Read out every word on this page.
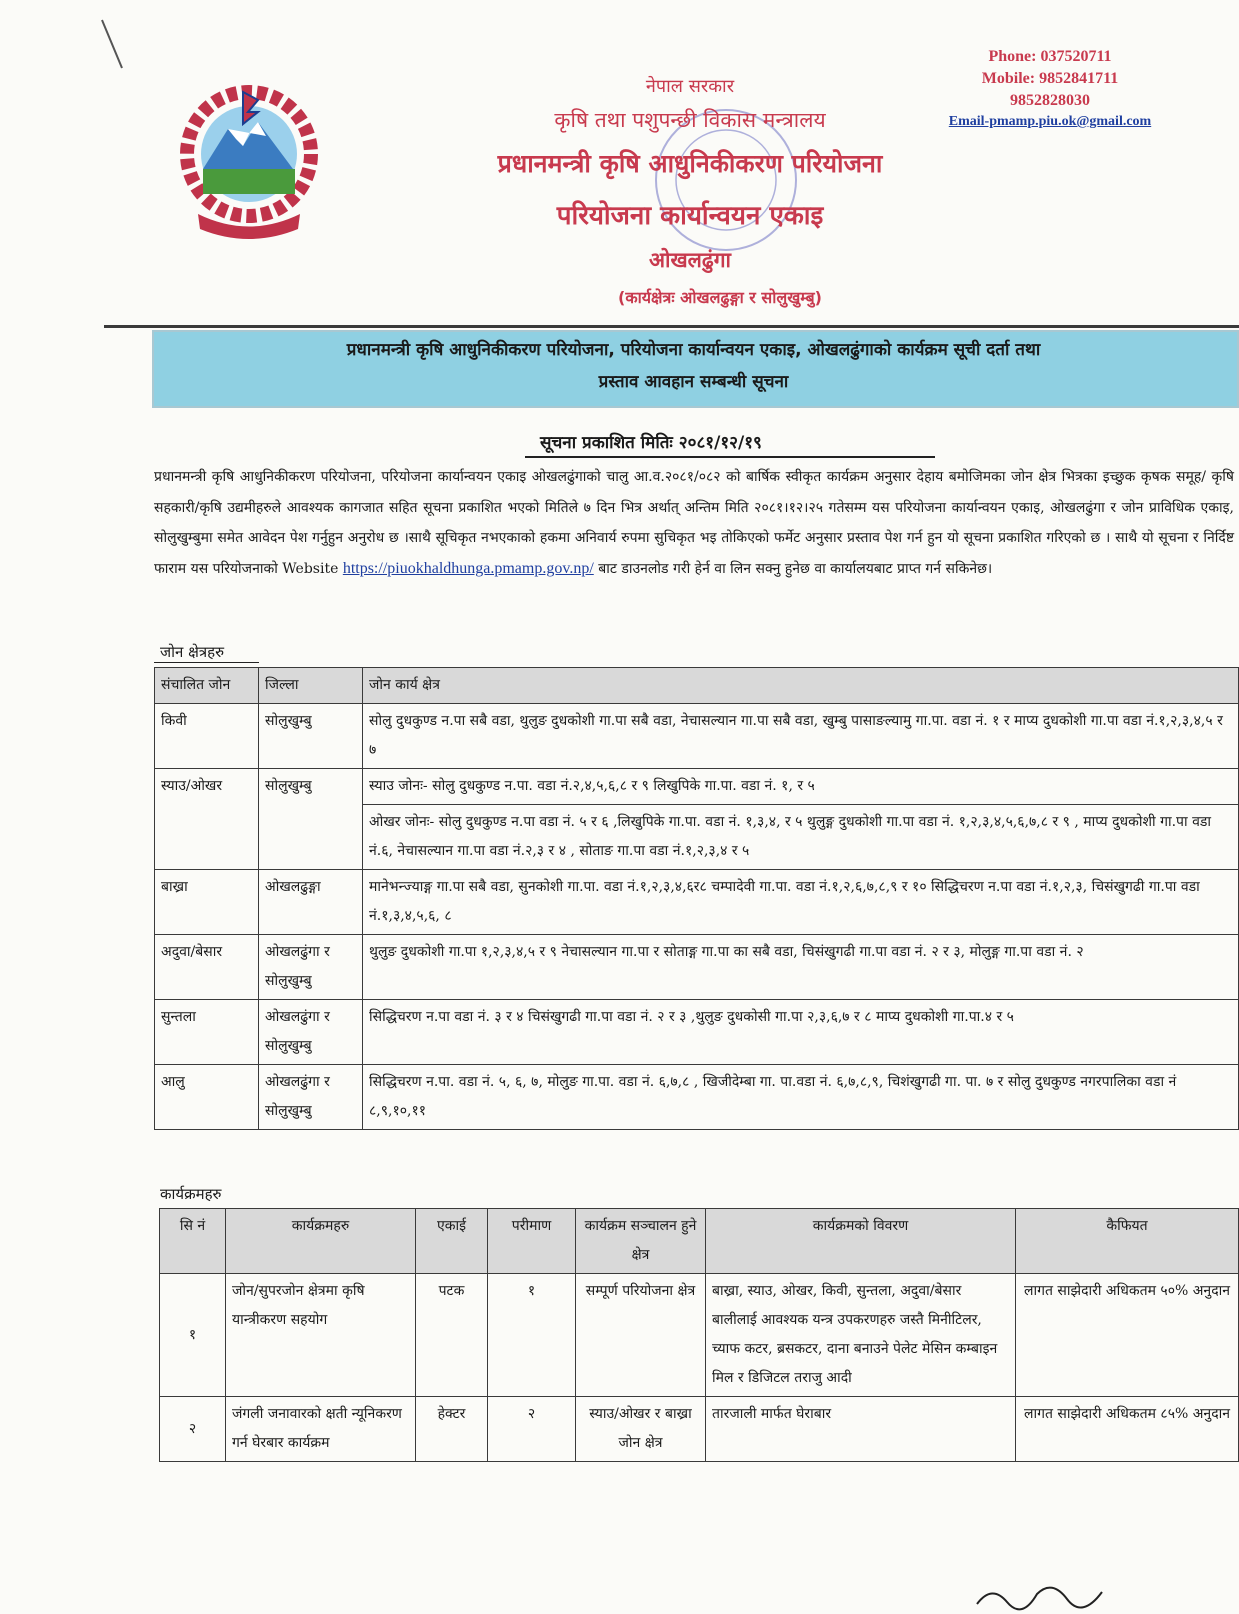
नेपाल सरकार
कृषि तथा पशुपन्छी विकास मन्त्रालय
प्रधानमन्त्री कृषि आधुनिकीकरण परियोजना
परियोजना कार्यान्वयन एकाइ
ओखलढुंगा
(कार्यक्षेत्रः ओखलढुङ्गा र सोलुखुम्बु)
Phone: 037520711
Mobile: 9852841711
9852828030
Email-pmamp.piu.ok@gmail.com
प्रधानमन्त्री कृषि आधुनिकीकरण परियोजना, परियोजना कार्यान्वयन एकाइ, ओखलढुंगाको कार्यक्रम सूची दर्ता तथा
प्रस्ताव आवहान सम्बन्धी सूचना
सूचना प्रकाशित मितिः २०८१/१२/१९
प्रधानमन्त्री कृषि आधुनिकीकरण परियोजना, परियोजना कार्यान्वयन एकाइ ओखलढुंगाको चालु आ.व.२०८१/०८२ को बार्षिक स्वीकृत कार्यक्रम अनुसार देहाय बमोजिमका जोन क्षेत्र भित्रका इच्छुक कृषक समूह/ कृषि सहकारी/कृषि उद्यमीहरुले आवश्यक कागजात सहित सूचना प्रकाशित भएको मितिले ७ दिन भित्र अर्थात् अन्तिम मिति २०८१।१२।२५ गतेसम्म यस परियोजना कार्यान्वयन एकाइ, ओखलढुंगा र जोन प्राविधिक एकाइ, सोलुखुम्बुमा समेत आवेदन पेश गर्नुहुन अनुरोध छ ।साथै सूचिकृत नभएकाको हकमा अनिवार्य रुपमा सुचिकृत भइ तोकिएको फर्मेट अनुसार प्रस्ताव पेश गर्न हुन यो सूचना प्रकाशित गरिएको छ । साथै यो सूचना र निर्दिष्ट फाराम यस परियोजनाको Website https://piuokhaldhunga.pmamp.gov.np/ बाट डाउनलोड गरी हेर्न वा लिन सक्नु हुनेछ वा कार्यालयबाट प्राप्त गर्न सकिनेछ।
जोन क्षेत्रहरु
संचालित जोन	जिल्ला	जोन कार्य क्षेत्र
किवी	सोलुखुम्बु	सोलु दुधकुण्ड न.पा सबै वडा, थुलुङ दुधकोशी गा.पा सबै वडा, नेचासल्यान गा.पा सबै वडा, खुम्बु पासाङल्यामु गा.पा. वडा नं. १ र माप्य दुधकोशी गा.पा वडा नं.१,२,३,४,५ र ७
स्याउ/ओखर	सोलुखुम्बु	स्याउ जोनः- सोलु दुधकुण्ड न.पा. वडा नं.२,४,५,६,८ र ९ लिखुपिके गा.पा. वडा नं. १, र ५
		ओखर जोनः- सोलु दुधकुण्ड न.पा वडा नं. ५ र ६ ,लिखुपिके गा.पा. वडा नं. १,३,४, र ५ थुलुङ्ग दुधकोशी गा.पा वडा नं. १,२,३,४,५,६,७,८ र ९ , माप्य दुधकोशी गा.पा वडा नं.६, नेचासल्यान गा.पा वडा नं.२,३ र ४ , सोताङ गा.पा वडा नं.१,२,३,४ र ५
बाख्रा	ओखलढुङ्गा	मानेभन्ज्याङ्ग गा.पा सबै वडा, सुनकोशी गा.पा. वडा नं.१,२,३,४,६र८ चम्पादेवी गा.पा. वडा नं.१,२,६,७,८,९ र १० सिद्धिचरण न.पा वडा नं.१,२,३, चिसंखुगढी गा.पा वडा नं.१,३,४,५,६, ८
अदुवा/बेसार	ओखलढुंगा र सोलुखुम्बु	थुलुङ दुधकोशी गा.पा १,२,३,४,५ र ९ नेचासल्यान गा.पा र सोताङ्ग गा.पा का सबै वडा, चिसंखुगढी गा.पा वडा नं. २ र ३, मोलुङ्ग गा.पा वडा नं. २
सुन्तला	ओखलढुंगा र सोलुखुम्बु	सिद्धिचरण न.पा वडा नं. ३ र ४ चिसंखुगढी गा.पा वडा नं. २ र ३ ,थुलुङ दुधकोसी गा.पा २,३,६,७ र ८ माप्य दुधकोशी गा.पा.४ र ५
आलु	ओखलढुंगा र सोलुखुम्बु	सिद्धिचरण न.पा. वडा नं. ५, ६, ७, मोलुङ गा.पा. वडा नं. ६,७,८ , खिजीदेम्बा गा. पा.वडा नं. ६,७,८,९, चिशंखुगढी गा. पा. ७ र सोलु दुधकुण्ड नगरपालिका वडा नं ८,९,१०,११
कार्यक्रमहरु
सि नं	कार्यक्रमहरु	एकाई	परीमाण	कार्यक्रम सञ्चालन हुने क्षेत्र	कार्यक्रमको विवरण	कैफियत
१	जोन/सुपरजोन क्षेत्रमा कृषि यान्त्रीकरण सहयोग	पटक	१	सम्पूर्ण परियोजना क्षेत्र	बाख्रा, स्याउ, ओखर, किवी, सुन्तला, अदुवा/बेसार बालीलाई आवश्यक यन्त्र उपकरणहरु जस्तै मिनीटिलर, च्याफ कटर, ब्रसकटर, दाना बनाउने पेलेट मेसिन कम्बाइन मिल र डिजिटल तराजु आदी	लागत साझेदारी अधिकतम ५०% अनुदान
२	जंगली जनावारको क्षती न्यूनिकरण गर्न घेरबार कार्यक्रम	हेक्टर	२	स्याउ/ओखर र बाख्रा जोन क्षेत्र	तारजाली मार्फत घेराबार	लागत साझेदारी अधिकतम ८५% अनुदान
